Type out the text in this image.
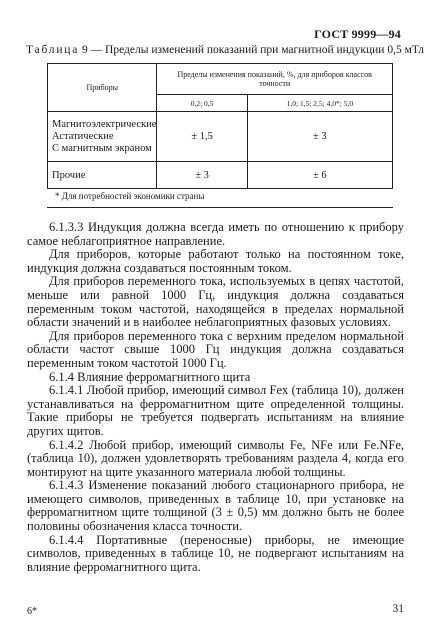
ГОСТ 9999—94
Таблица 9 — Пределы изменений показаний при магнитной индукции 0,5 мТл
Приборы	Пределы изменения показаний, %, для приборов классов точности	
	0,2; 0,5	1,0; 1,5; 2,5; 4,0*; 5,0

Магнитоэлектрические
Астатические
С магнитным экраном	± 1,5	± 3
Прочие	± 3	± 6
* Для потребностей экономики страны

6.1.3.3 Индукция должна всегда иметь по отношению к прибору самое неблагоприятное направление.

Для приборов, которые работают только на постоянном токе, индукция должна создаваться постоянным током.

Для приборов переменного тока, используемых в цепях частотой, меньше или равной 1000 Гц, индукция должна создаваться переменным током частотой, находящейся в пределах нормальной области значений и в наиболее неблагоприятных фазовых условиях.

Для приборов переменного тока с верхним пределом нормальной области частот свыше 1000 Гц индукция должна создаваться переменным током частотой 1000 Гц.

6.1.4 Влияние ферромагнитного щита

6.1.4.1 Любой прибор, имеющий символ Fex (таблица 10), должен устанавливаться на ферромагнитном щите определенной толщины. Такие приборы не требуется подвергать испытаниям на влияние других щитов.

6.1.4.2 Любой прибор, имеющий символы Fe, NFe или Fe.NFe, (таблица 10), должен удовлетворять требованиям раздела 4, когда его монтируют на щите указанного материала любой толщины.

6.1.4.3 Изменение показаний любого стационарного прибора, не имеющего символов, приведенных в таблице 10, при установке на ферромагнитном щите толщиной (3 ± 0,5) мм должно быть не более половины обозначения класса точности.

6.1.4.4 Портативные (переносные) приборы, не имеющие символов, приведенных в таблице 10, не подвергают испытаниям на влияние ферромагнитного щита.

6*	31
